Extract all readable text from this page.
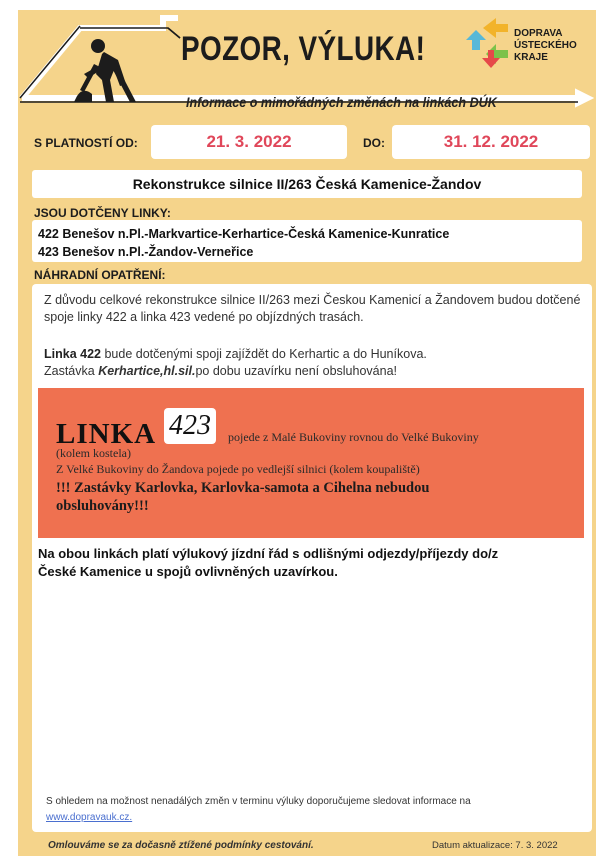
POZOR, VÝLUKA!	DOPRAVA
ÚSTECKÉHO
KRAJE
Informace o mimořádných změnách na linkách DÚK
S PLATNOSTÍ OD:	21. 3. 2022	DO:	31. 12. 2022
Rekonstrukce silnice II/263 Česká Kamenice-Žandov
JSOU DOTČENY LINKY:
422 Benešov n.Pl.-Markvartice-Kerhartice-Česká Kamenice-Kunratice
423 Benešov n.Pl.-Žandov-Verneřice
NÁHRADNÍ OPATŘENÍ:
Z důvodu celkové rekonstrukce silnice II/263 mezi Českou Kamenicí a Žandovem budou dotčené spoje linky 422 a linka 423 vedené po objízdných trasách.
Linka 422 bude dotčenými spoji zajíždět do Kerhartic a do Huníkova.
Zastávka Kerhartice,hl.sil.po dobu uzavírku není obsluhována!
LINKA 423	pojede z Malé Bukoviny rovnou do Velké Bukoviny
(kolem kostela)
Z Velké Bukoviny do Žandova pojede po vedlejší silnici (kolem koupaliště)
!!! Zastávky Karlovka, Karlovka-samota a Cihelna nebudou
obsluhovány!!!
Na obou linkách platí výlukový jízdní řád s odlišnými odjezdy/příjezdy do/z
České Kamenice u spojů ovlivněných uzavírkou.
S ohledem na možnost nenadálých změn v terminu výluky doporučujeme sledovat informace na
www.dopravauk.cz.
Omlouváme se za dočasně ztížené podmínky cestování.	Datum aktualizace: 7. 3. 2022
